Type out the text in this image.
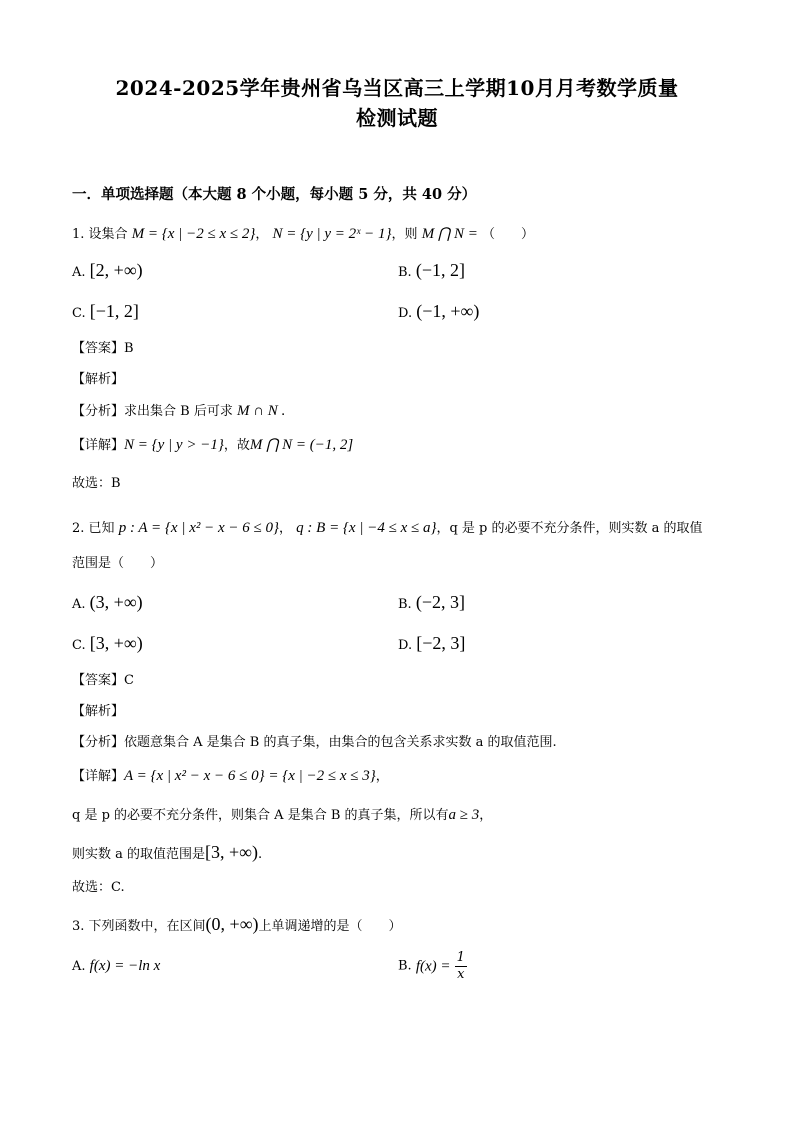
2024-2025学年贵州省乌当区高三上学期10月月考数学质量
检测试题
一．单项选择题（本大题 8 个小题，每小题 5 分，共 40 分）
1. 设集合 M = {x | −2 ≤ x ≤ 2}， N = {y | y = 2ˣ − 1}，则 M ⋂ N = （　　）
A. [2, +∞)	B. (−1, 2]
C. [−1, 2]	D. (−1, +∞)
【答案】B
【解析】
【分析】求出集合 B 后可求 M ∩ N .
【详解】N = {y | y > −1}，故M ⋂ N = (−1, 2]
故选：B
2. 已知 p : A = {x | x² − x − 6 ≤ 0}， q : B = {x | −4 ≤ x ≤ a}，q 是 p 的必要不充分条件，则实数 a 的取值
范围是（　　）
A. (3, +∞)	B. (−2, 3]
C. [3, +∞)	D. [−2, 3]
【答案】C
【解析】
【分析】依题意集合 A 是集合 B 的真子集，由集合的包含关系求实数 a 的取值范围.
【详解】A = {x | x² − x − 6 ≤ 0} = {x | −2 ≤ x ≤ 3}，
q 是 p 的必要不充分条件，则集合 A 是集合 B 的真子集，所以有a ≥ 3，
则实数 a 的取值范围是[3, +∞).
故选：C.
3. 下列函数中，在区间(0, +∞)上单调递增的是（　　）
A. f(x) = −ln x	B. $f(x) = \frac{1}{x}$
